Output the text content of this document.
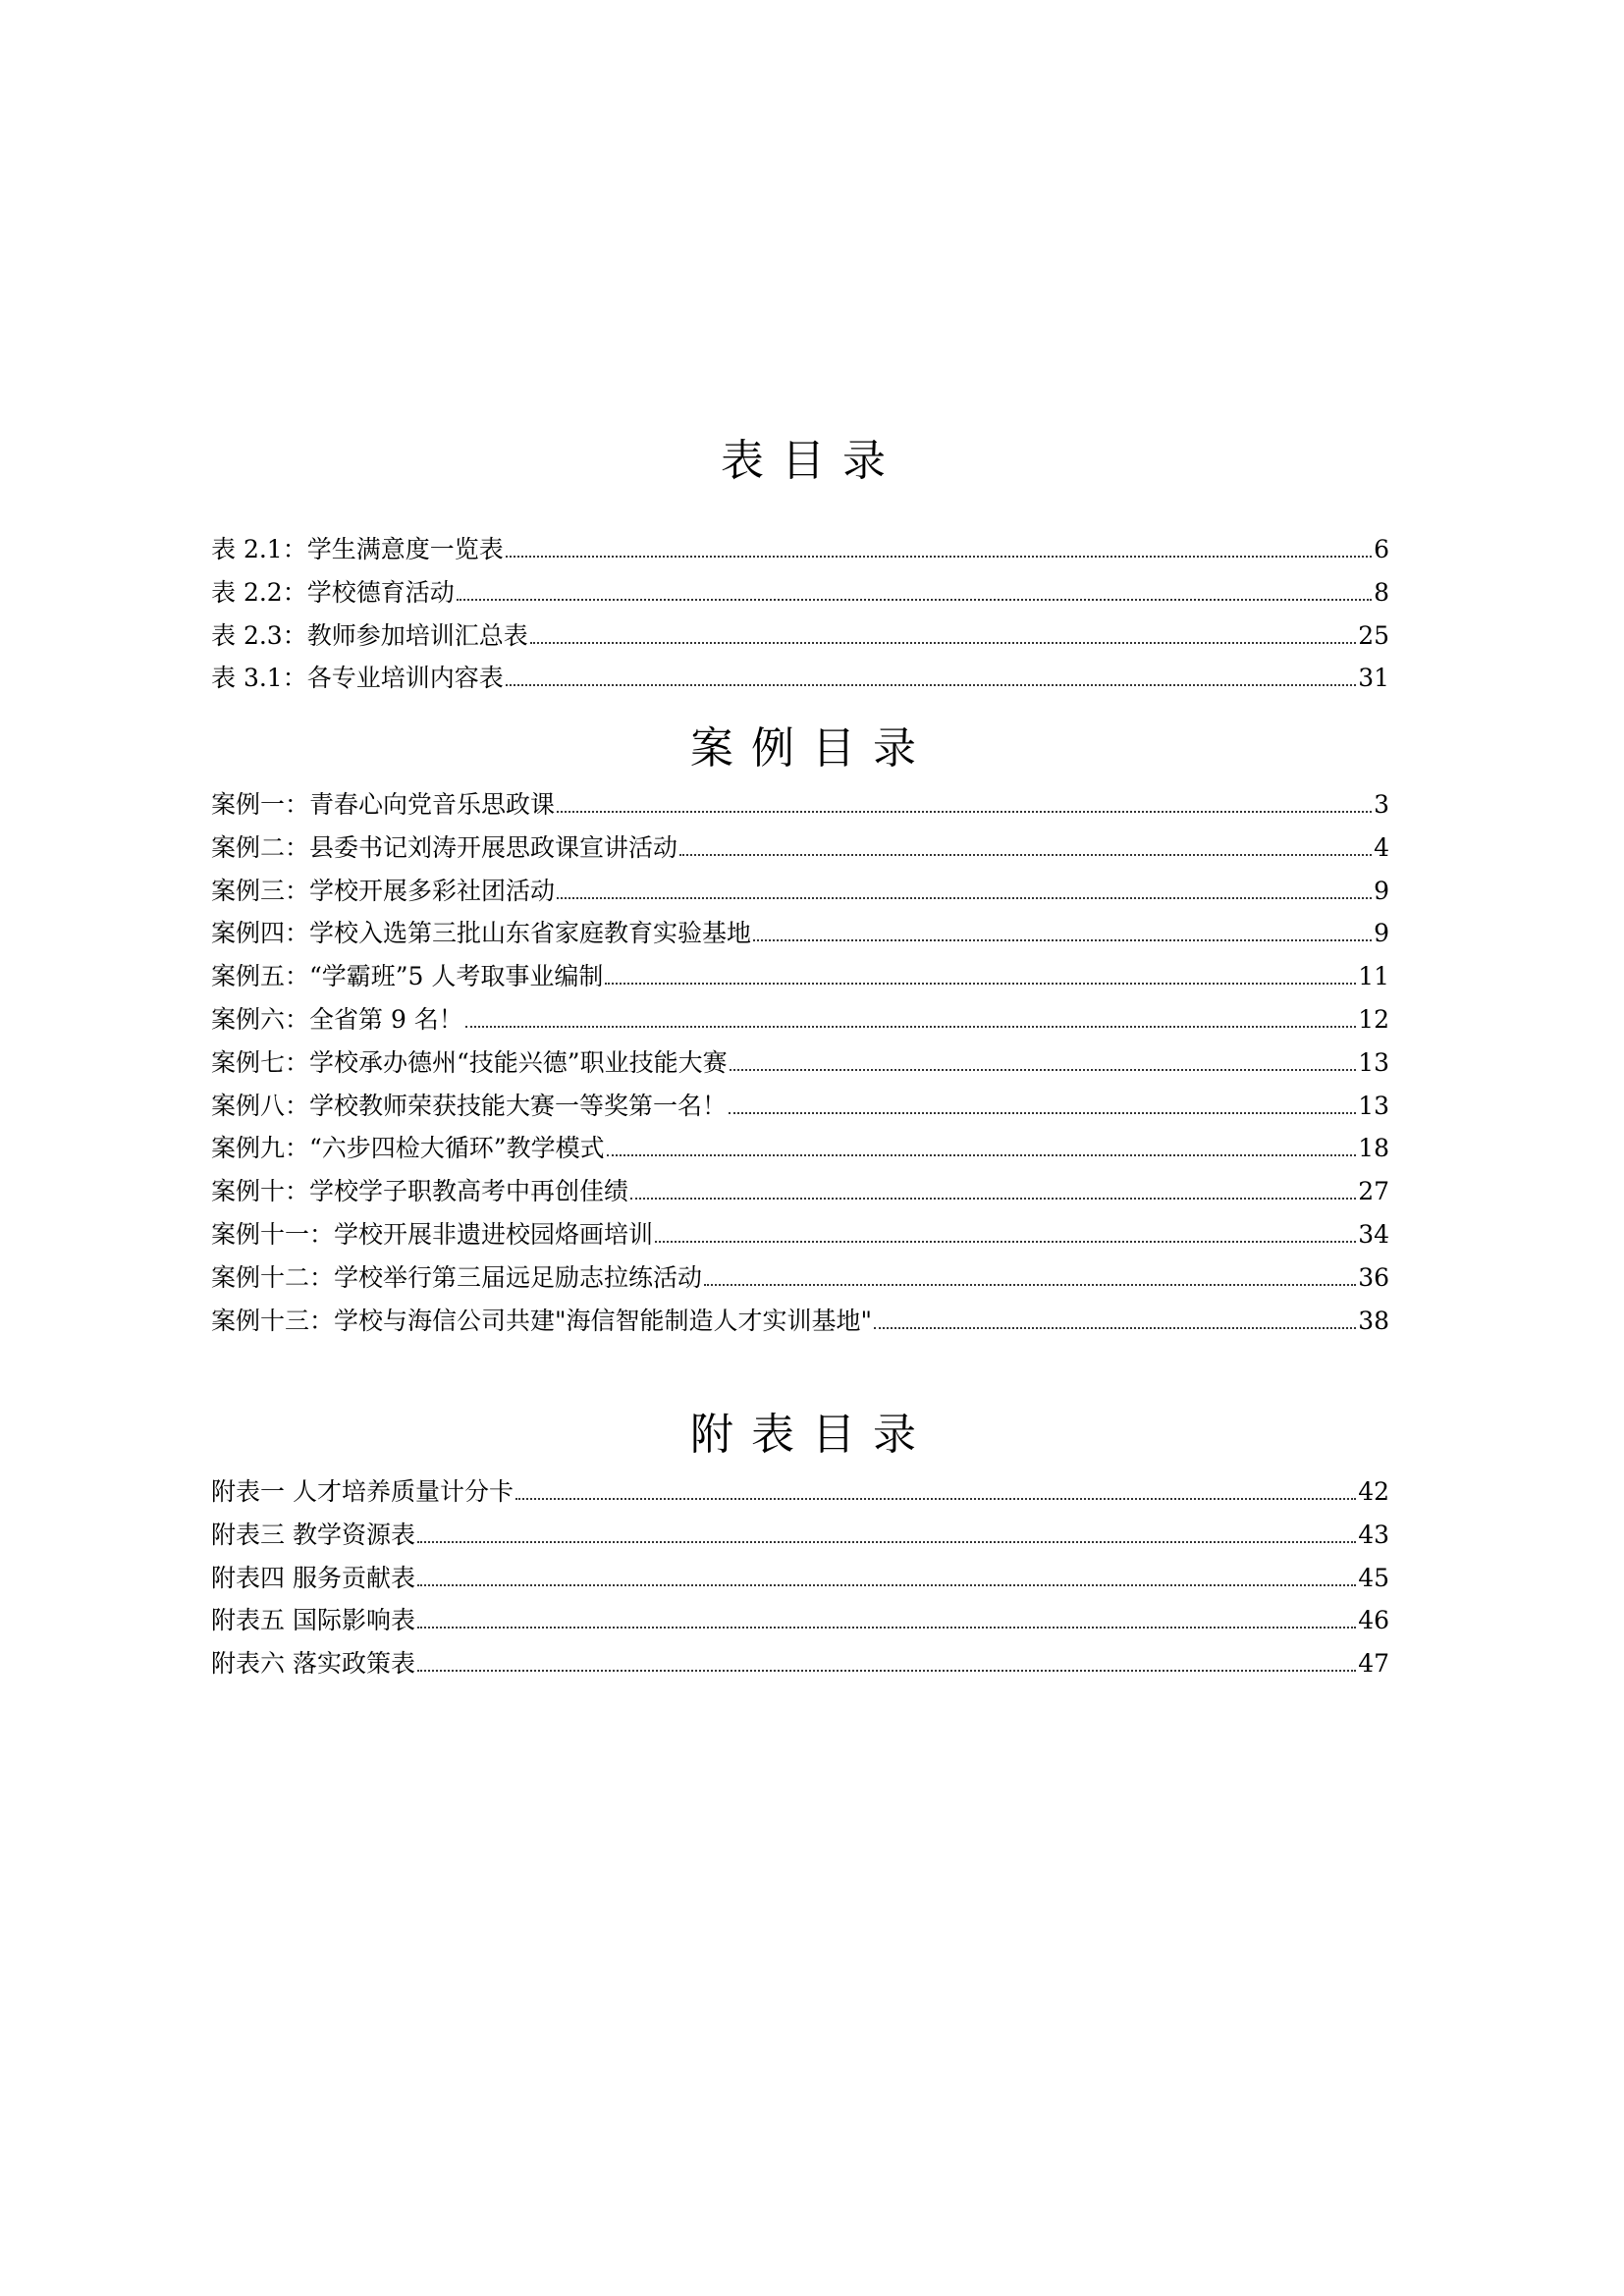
表目录
表 2.1：学生满意度一览表	6
表 2.2：学校德育活动	8
表 2.3：教师参加培训汇总表	25
表 3.1：各专业培训内容表	31
案例目录
案例一：青春心向党音乐思政课	3
案例二：县委书记刘涛开展思政课宣讲活动	4
案例三：学校开展多彩社团活动	9
案例四：学校入选第三批山东省家庭教育实验基地	9
案例五：“学霸班”5 人考取事业编制	11
案例六：全省第 9 名！	12
案例七：学校承办德州“技能兴德”职业技能大赛	13
案例八：学校教师荣获技能大赛一等奖第一名！	13
案例九：“六步四检大循环”教学模式	18
案例十：学校学子职教高考中再创佳绩	27
案例十一：学校开展非遗进校园烙画培训	34
案例十二：学校举行第三届远足励志拉练活动	36
案例十三：学校与海信公司共建"海信智能制造人才实训基地"	38
附表目录
附表一 人才培养质量计分卡	42
附表三 教学资源表	43
附表四 服务贡献表	45
附表五 国际影响表	46
附表六 落实政策表	47
